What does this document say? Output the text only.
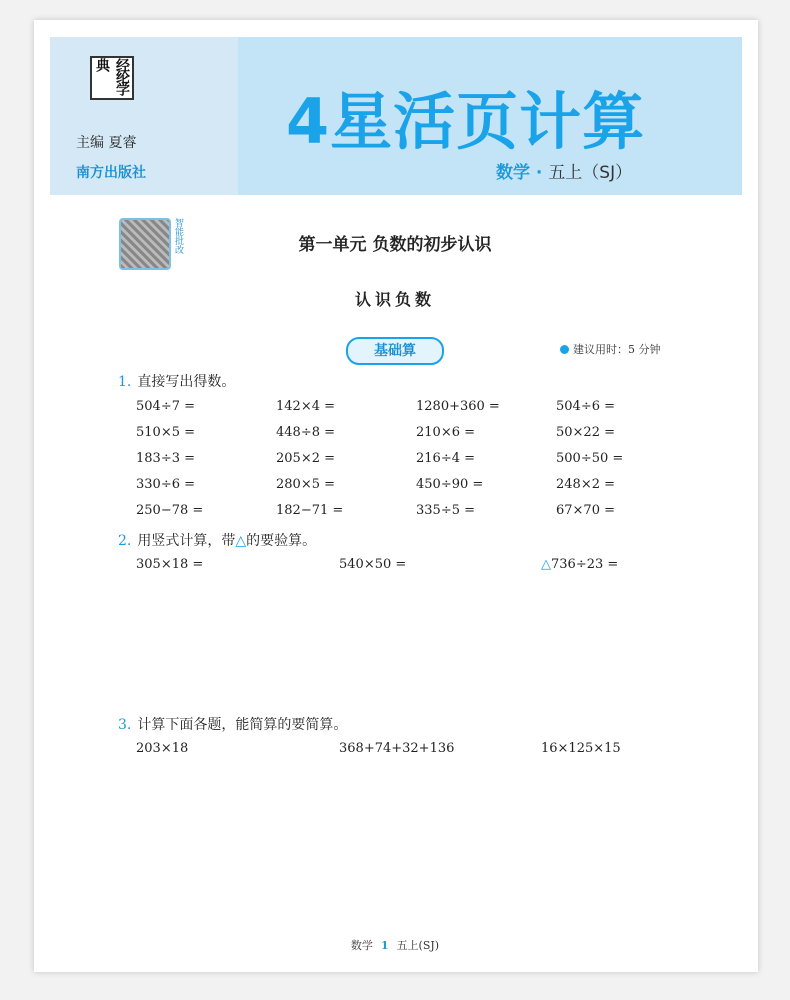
经纶学典
主编 夏睿
南方出版社
4星活页计算
数学 · 五上（SJ）
智能批改	第一单元 负数的初步认识
认识负数
基础算	建议用时：5 分钟
1. 直接写出得数。
504÷7 =	142×4 =	1280+360 =	504÷6 =
510×5 =	448÷8 =	210×6 =	50×22 =
183÷3 =	205×2 =	216÷4 =	500÷50 =
330÷6 =	280×5 =	450÷90 =	248×2 =
250−78 =	182−71 =	335÷5 =	67×70 =
2. 用竖式计算，带△的要验算。
305×18 =	540×50 =	△736÷23 =
3. 计算下面各题，能简算的要简算。
203×18	368+74+32+136	16×125×15
数学 1 五上(SJ)
